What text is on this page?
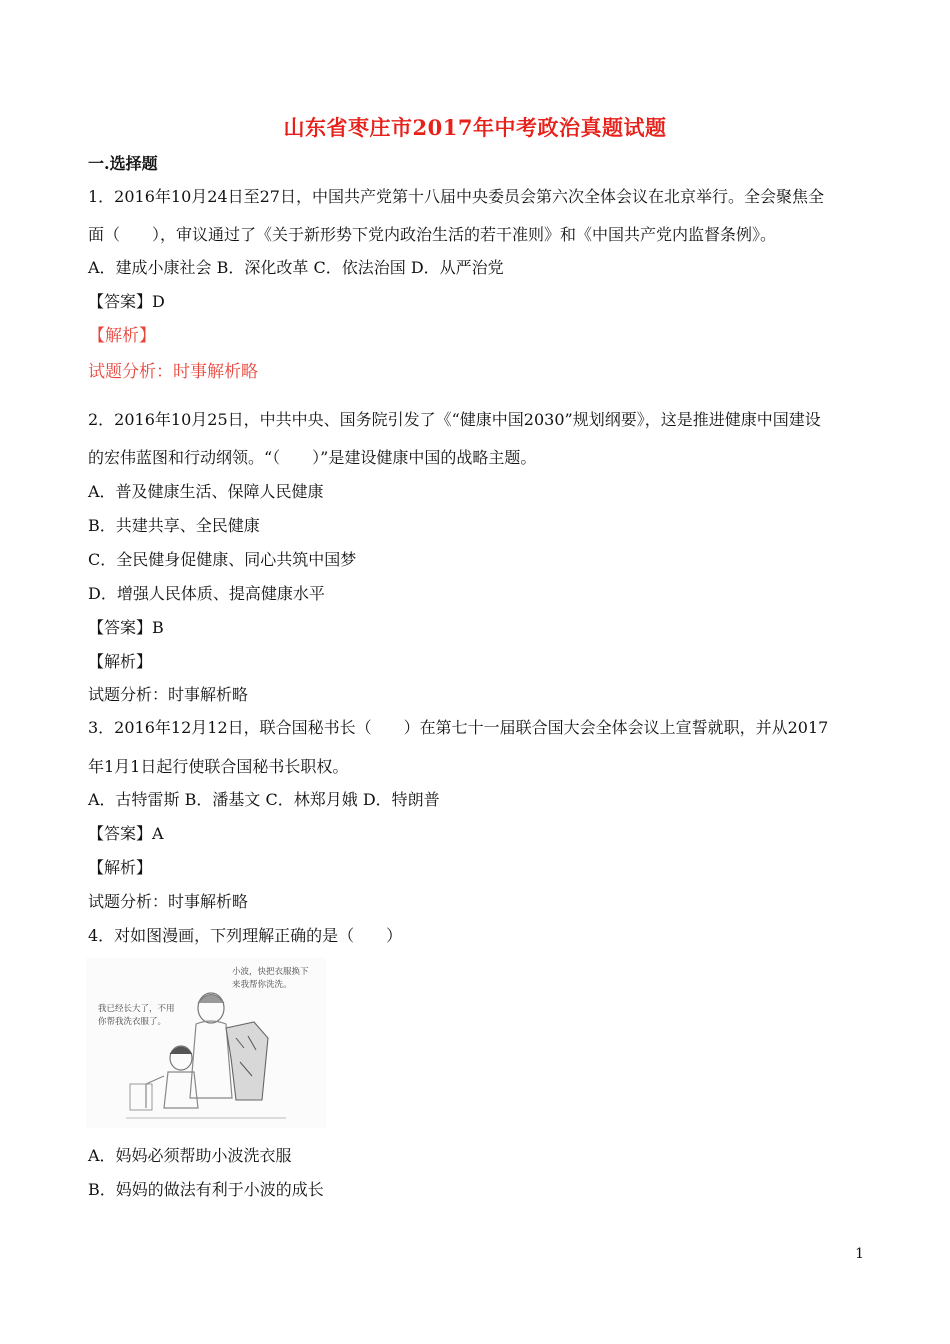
山东省枣庄市2017年中考政治真题试题
一.选择题
1．2016年10月24日至27日，中国共产党第十八届中央委员会第六次全体会议在北京举行。全会聚焦全
面（　　），审议通过了《关于新形势下党内政治生活的若干准则》和《中国共产党内监督条例》。
A．建成小康社会 B．深化改革 C．依法治国 D．从严治党
【答案】D
【解析】
试题分析：时事解析略
2．2016年10月25日，中共中央、国务院引发了《“健康中国2030”规划纲要》，这是推进健康中国建设
的宏伟蓝图和行动纲领。“（　　）”是建设健康中国的战略主题。
A．普及健康生活、保障人民健康
B．共建共享、全民健康
C．全民健身促健康、同心共筑中国梦
D．增强人民体质、提高健康水平
【答案】B
【解析】
试题分析：时事解析略
3．2016年12月12日，联合国秘书长（　　）在第七十一届联合国大会全体会议上宣誓就职，并从2017
年1月1日起行使联合国秘书长职权。
A．古特雷斯 B．潘基文 C．林郑月娥 D．特朗普
【答案】A
【解析】
试题分析：时事解析略
4．对如图漫画，下列理解正确的是（　　）
小波，快把衣服换下
来我帮你洗洗。
我已经长大了，不用
你帮我洗衣服了。
A．妈妈必须帮助小波洗衣服
B．妈妈的做法有利于小波的成长
1
